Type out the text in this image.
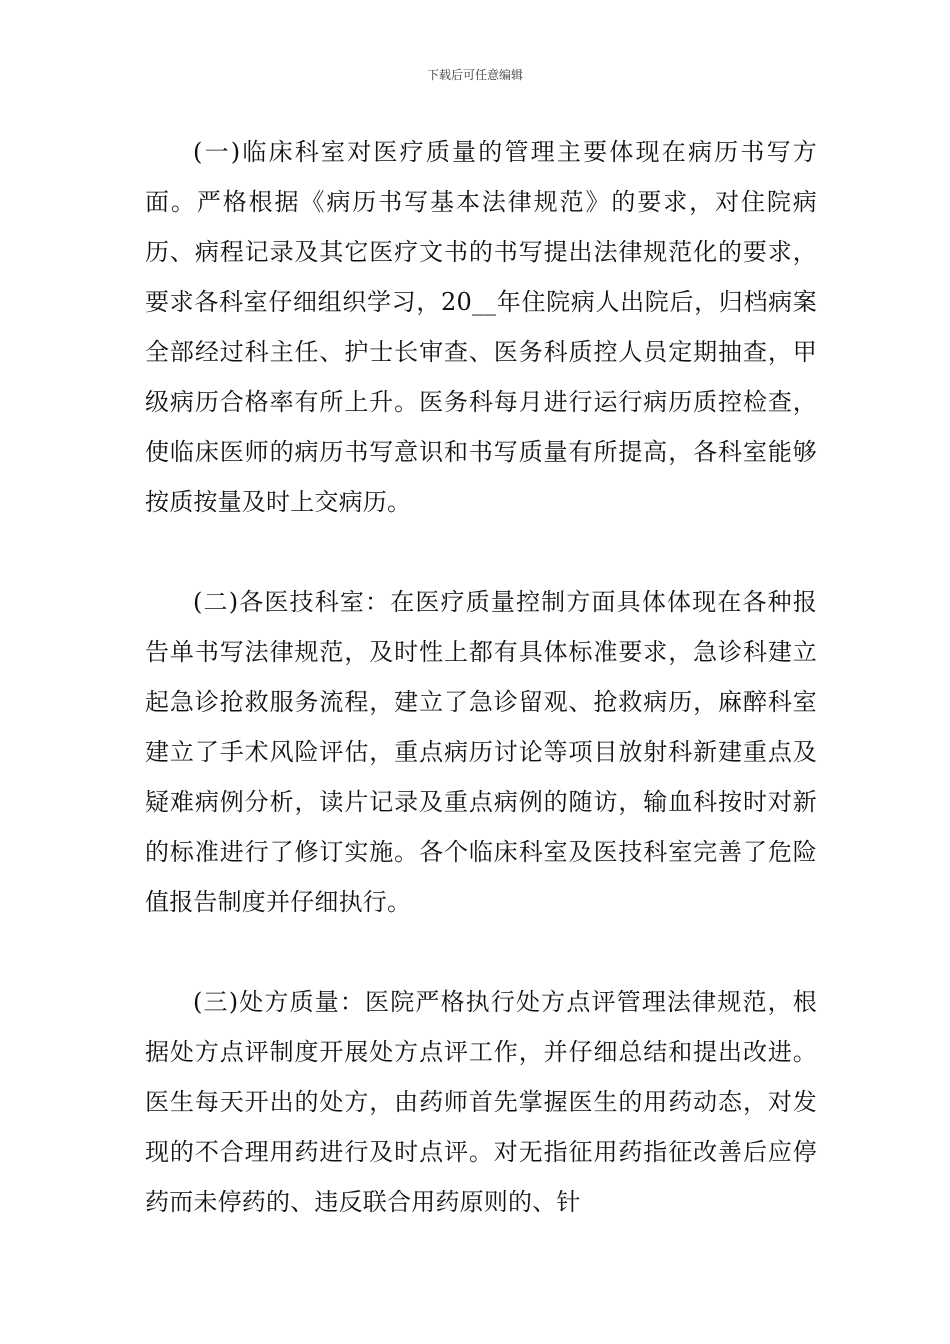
下载后可任意编辑

(一)临床科室对医疗质量的管理主要体现在病历书写方面。严格根据《病历书写基本法律规范》的要求，对住院病历、病程记录及其它医疗文书的书写提出法律规范化的要求，要求各科室仔细组织学习，20__年住院病人出院后，归档病案全部经过科主任、护士长审查、医务科质控人员定期抽查，甲级病历合格率有所上升。医务科每月进行运行病历质控检查，使临床医师的病历书写意识和书写质量有所提高，各科室能够按质按量及时上交病历。

(二)各医技科室：在医疗质量控制方面具体体现在各种报告单书写法律规范，及时性上都有具体标准要求，急诊科建立起急诊抢救服务流程，建立了急诊留观、抢救病历，麻醉科室建立了手术风险评估，重点病历讨论等项目放射科新建重点及疑难病例分析，读片记录及重点病例的随访，输血科按时对新的标准进行了修订实施。各个临床科室及医技科室完善了危险值报告制度并仔细执行。

(三)处方质量：医院严格执行处方点评管理法律规范，根据处方点评制度开展处方点评工作，并仔细总结和提出改进。医生每天开出的处方，由药师首先掌握医生的用药动态，对发现的不合理用药进行及时点评。对无指征用药指征改善后应停药而未停药的、违反联合用药原则的、针
